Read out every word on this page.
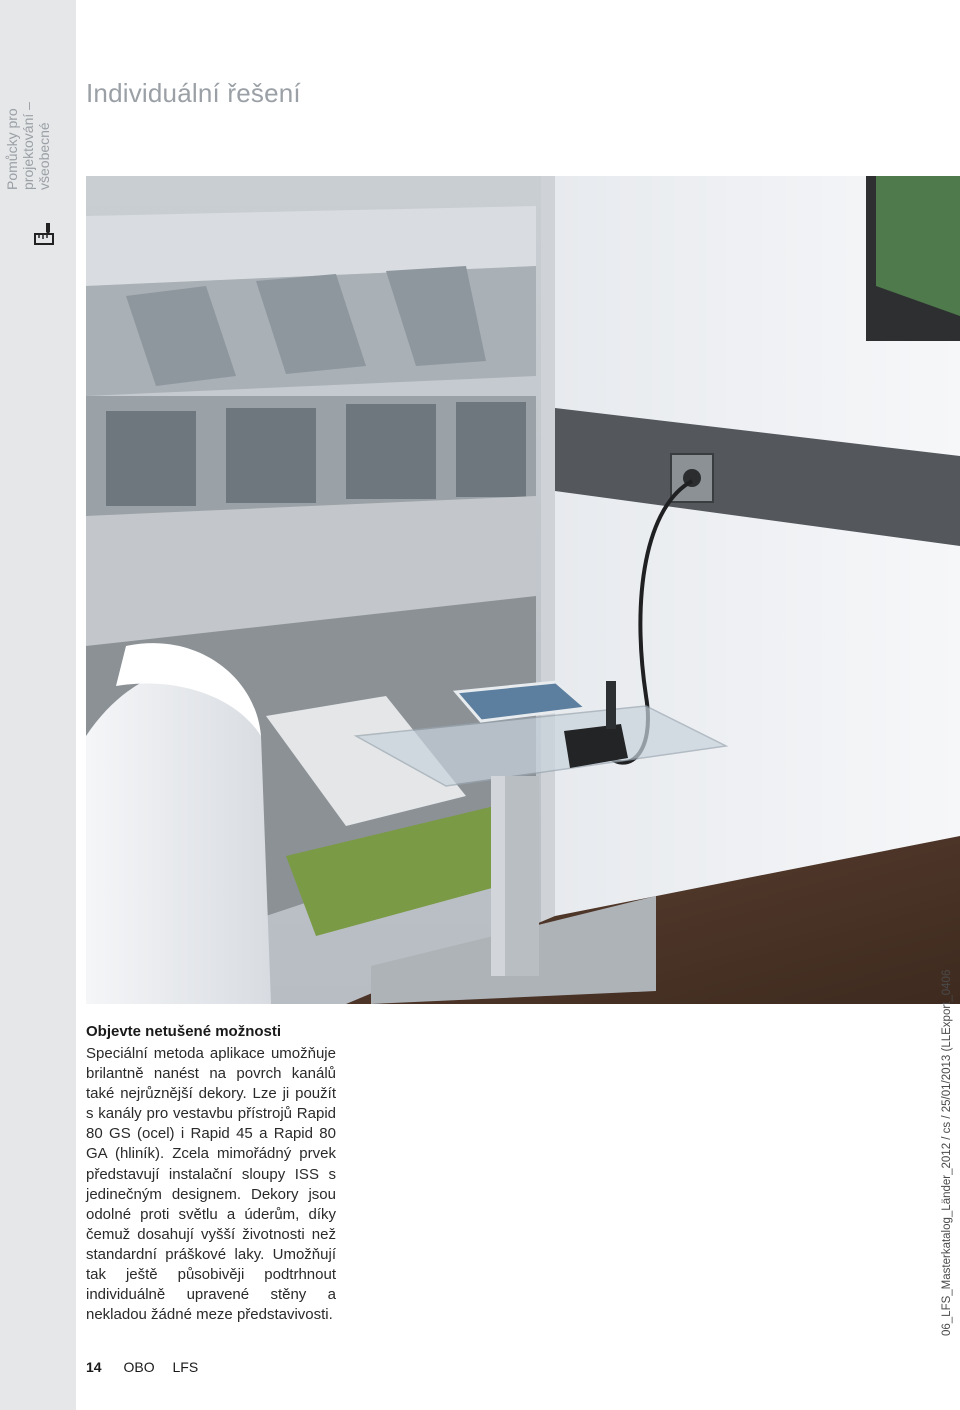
Pomůcky pro projektování – všeobecné
Individuální řešení

Objevte netušené možnosti

Speciální metoda aplikace umožňuje brilantně nanést na povrch kanálů také nejrůznější dekory. Lze ji použít s kanály pro vestavbu přístrojů Rapid 80 GS (ocel) i Rapid 45 a Rapid 80 GA (hliník). Zcela mimořádný prvek představují instalační sloupy ISS s jedinečným designem. Dekory jsou odolné proti světlu a úderům, díky čemuž dosahují vyšší životnosti než standardní práškové laky. Umožňují tak ještě působivěji podtrhnout individuálně upravené stěny a nekladou žádné meze představivosti.

14 OBO LFS
06_LFS_Masterkatalog_Länder_2012 / cs / 25/01/2013 (LLExport_0406
